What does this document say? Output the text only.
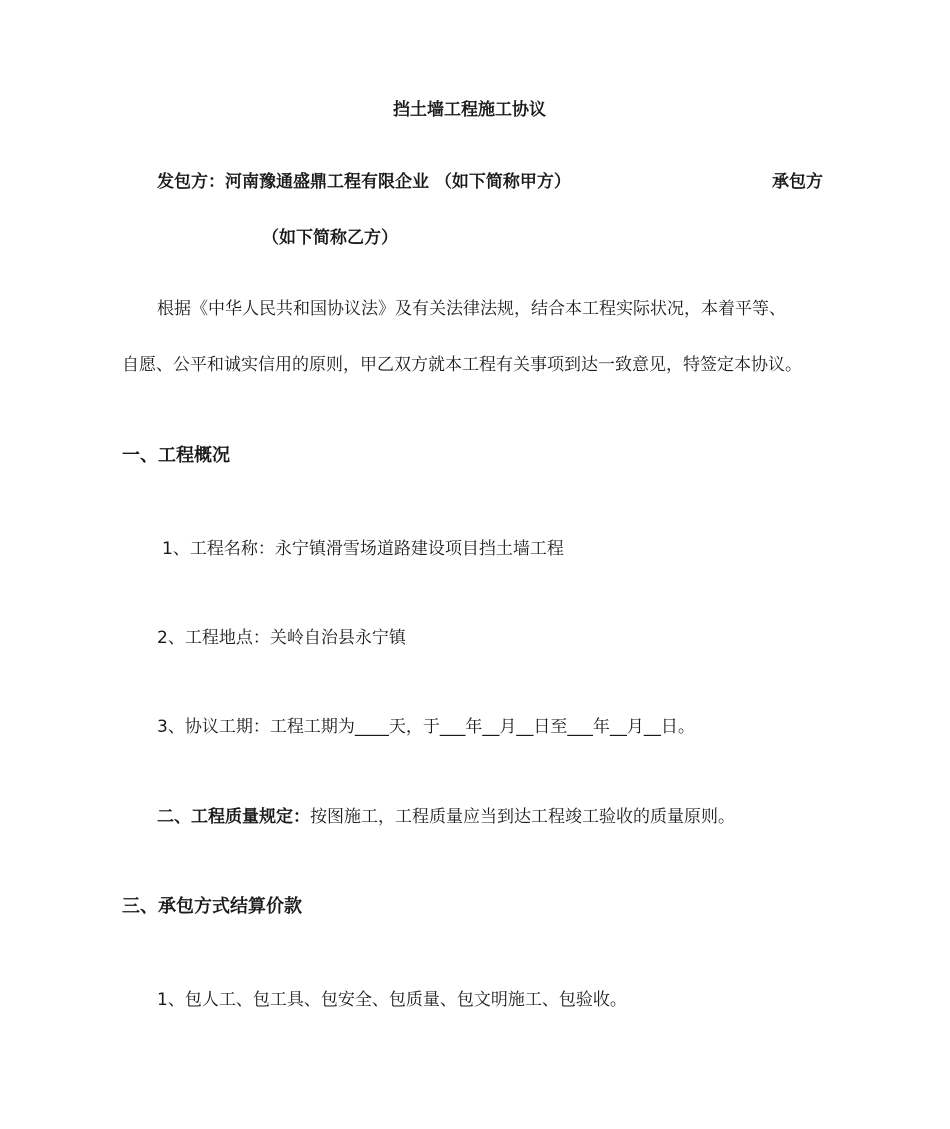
挡土墙工程施工协议
发包方：河南豫通盛鼎工程有限企业 （如下简称甲方）	承包方
（如下简称乙方）
根据《中华人民共和国协议法》及有关法律法规，结合本工程实际状况，本着平等、
自愿、公平和诚实信用的原则，甲乙双方就本工程有关事项到达一致意见，特签定本协议。
一、工程概况
1、工程名称：永宁镇滑雪场道路建设项目挡土墙工程
2、工程地点：关岭自治县永宁镇
3、协议工期：工程工期为____天，于___年__月__日至___年__月__日。
二、工程质量规定：按图施工，工程质量应当到达工程竣工验收的质量原则。
三、承包方式结算价款
1、包人工、包工具、包安全、包质量、包文明施工、包验收。
